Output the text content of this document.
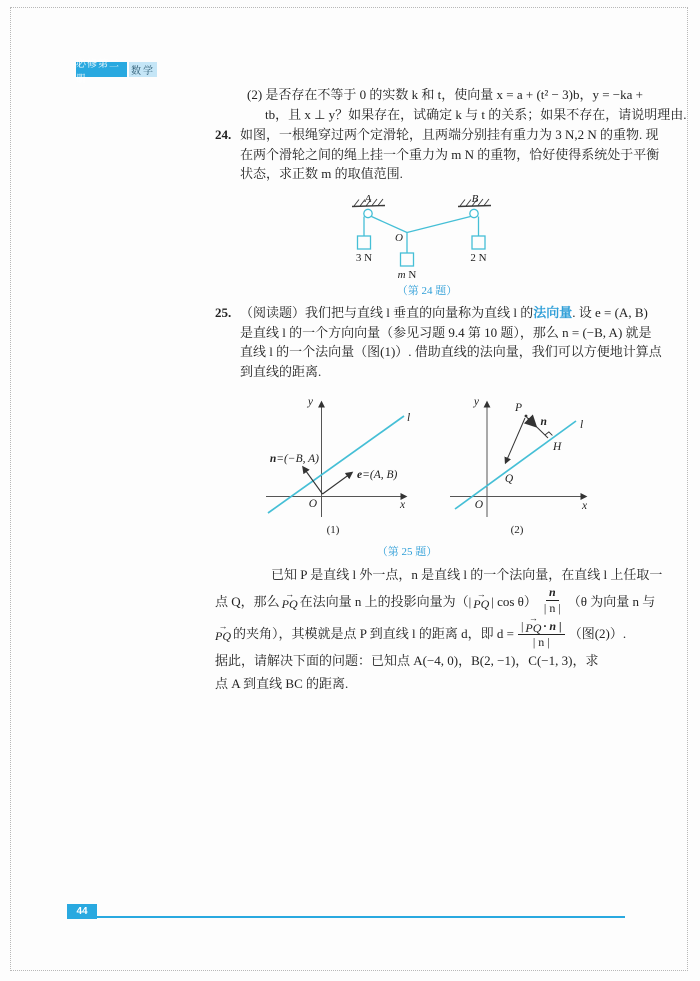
必修第二册
数学
(2) 是否存在不等于 0 的实数 k 和 t，使向量 x = a + (t² − 3)b，y = −ka +
tb，且 x ⊥ y？如果存在，试确定 k 与 t 的关系；如果不存在，请说明理由.
24. 如图，一根绳穿过两个定滑轮，且两端分别挂有重力为 3 N,2 N 的重物. 现
在两个滑轮之间的绳上挂一个重力为 m N 的重物，恰好使得系统处于平衡
状态，求正数 m 的取值范围.
A	B
O
3 N	2 N
m N
（第 24 题）
25. （阅读题）我们把与直线 l 垂直的向量称为直线 l 的法向量. 设 e = (A, B)
是直线 l 的一个方向向量（参见习题 9.4 第 10 题），那么 n = (−B, A) 就是
直线 l 的一个法向量（图(1)）. 借助直线的法向量，我们可以方便地计算点
到直线的距离.
y
x
O
l
n=(−B, A)
e=(A, B)
(1)
y
x
O
l
P
n
H
Q
(2)
（第 25 题）
已知 P 是直线 l 外一点，n 是直线 l 的一个法向量，在直线 l 上任取一
点 Q，那么 →
PQ 在法向量 n 上的投影向量为（| →
PQ | $\cos \theta) \frac{n}{| n |} (\theta$ 为向量 n 与
→
PQ 的夹角），其模就是点 P 到直线 l 的距离 d，即 d = |
→
PQ · n |
| n | （图(2)）.
据此，请解决下面的问题：已知点 A(−4, 0)，B(2, −1)，C(−1, 3)，求
点 A 到直线 BC 的距离.
44
